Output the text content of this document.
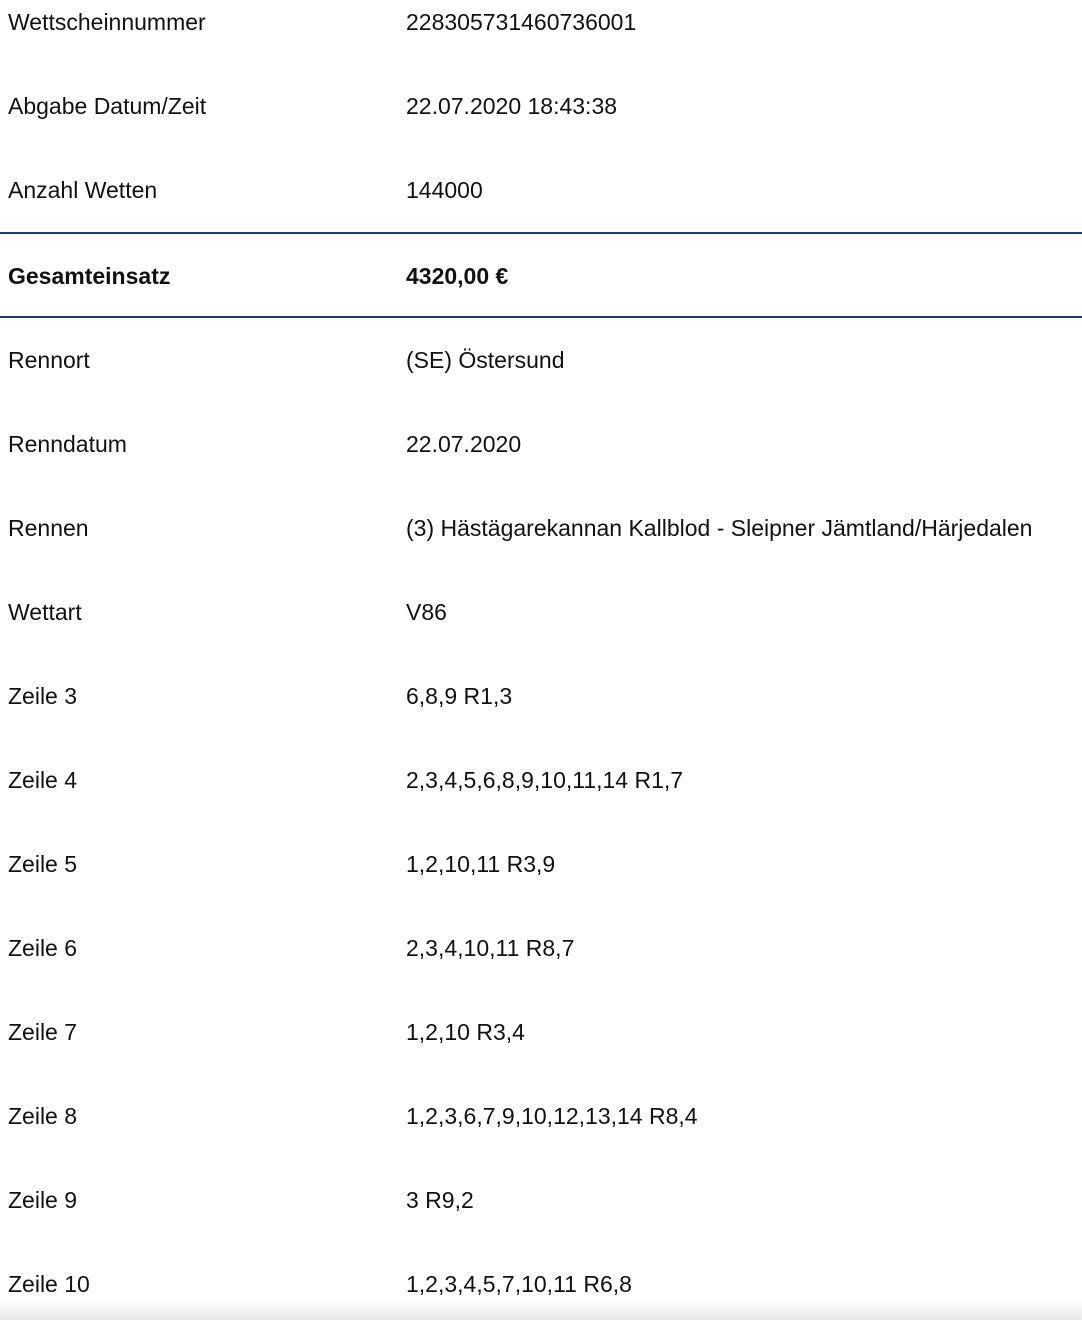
Wettscheinnummer	228305731460736001
Abgabe Datum/Zeit	22.07.2020 18:43:38
Anzahl Wetten	144000
Gesamteinsatz	4320,00 €
Rennort	(SE) Östersund
Renndatum	22.07.2020
Rennen	(3) Hästägarekannan Kallblod - Sleipner Jämtland/Härjedalen
Wettart	V86
Zeile 3	6,8,9 R1,3
Zeile 4	2,3,4,5,6,8,9,10,11,14 R1,7
Zeile 5	1,2,10,11 R3,9
Zeile 6	2,3,4,10,11 R8,7
Zeile 7	1,2,10 R3,4
Zeile 8	1,2,3,6,7,9,10,12,13,14 R8,4
Zeile 9	3 R9,2
Zeile 10	1,2,3,4,5,7,10,11 R6,8
